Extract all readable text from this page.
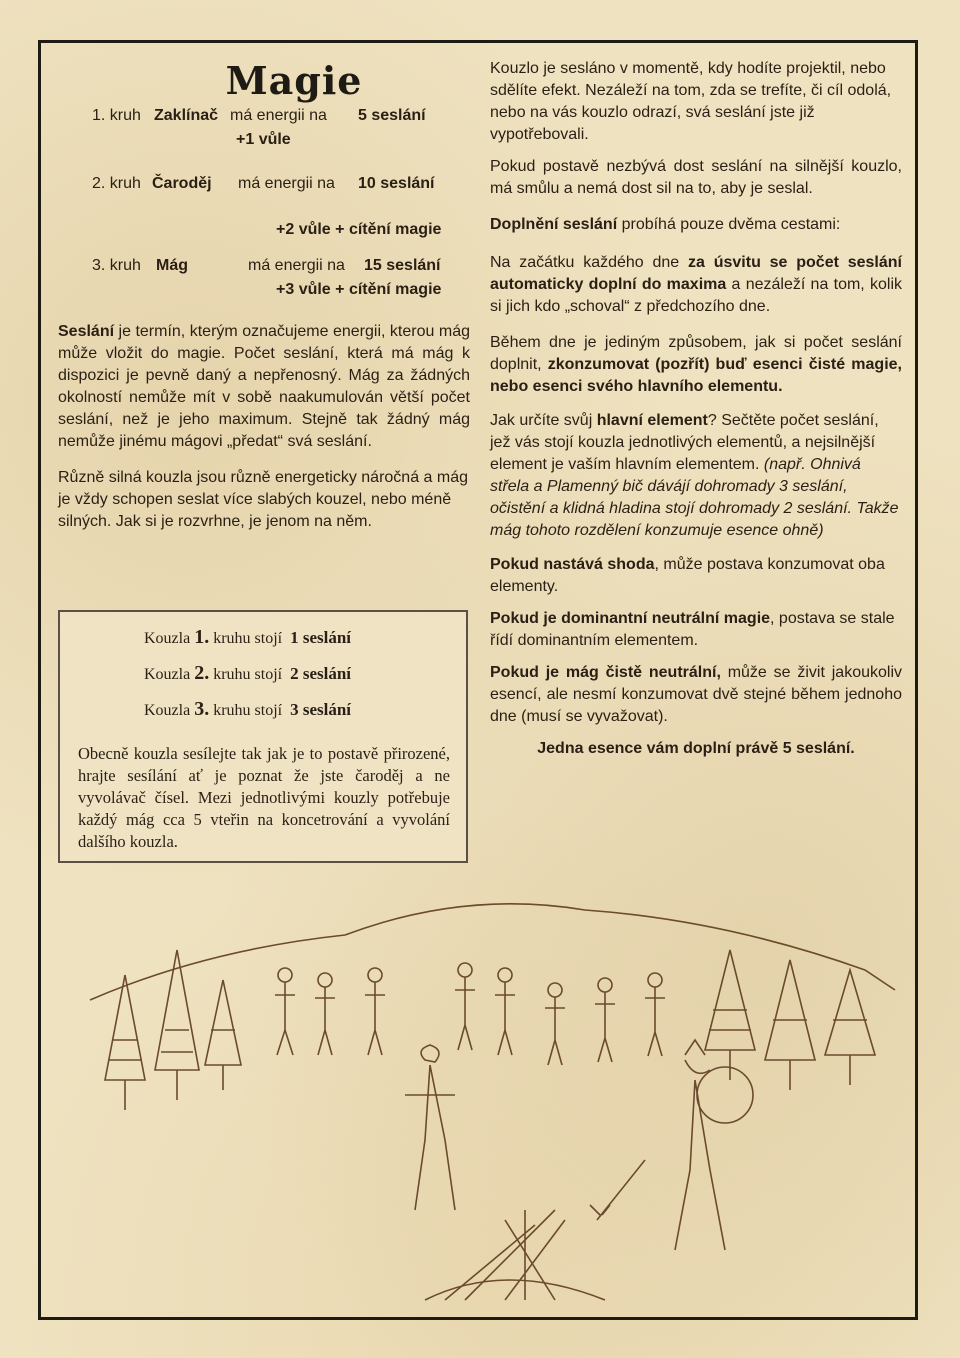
Magie
1. kruh Zaklínač má energii na 5 seslání
+1 vůle
2. kruh Čaroděj má energii na 10 seslání
+2 vůle + cítění magie
3. kruh Mág	má energii na 15 seslání
+3 vůle + cítění magie

Seslání je termín, kterým označujeme energii, kterou mág může vložit do magie. Počet seslání, která má mág k dispozici je pevně daný a nepřenosný. Mág za žádných okolností nemůže mít v sobě naakumulován větší počet seslání, než je jeho maximum. Stejně tak žádný mág nemůže jinému mágovi „předat“ svá seslání.

Různě silná kouzla jsou různě energeticky náročná a mág je vždy schopen seslat více slabých kouzel, nebo méně silných. Jak si je rozvrhne, je jenom na něm.

Kouzla 1. kruhu stojí 1 seslání
Kouzla 2. kruhu stojí 2 seslání
Kouzla 3. kruhu stojí 3 seslání
Obecně kouzla sesílejte tak jak je to postavě přirozené, hrajte sesílání ať je poznat že jste čaroděj a ne vyvolávač čísel. Mezi jednotlivými kouzly potřebuje každý mág cca 5 vteřin na koncetrování a vyvolání dalšího kouzla.

Kouzlo je sesláno v momentě, kdy hodíte projektil, nebo sdělíte efekt. Nezáleží na tom, zda se trefíte, či cíl odolá, nebo na vás kouzlo odrazí, svá seslání jste již vypotřebovali.

Pokud postavě nezbývá dost seslání na silnější kouzlo, má smůlu a nemá dost sil na to, aby je seslal.

Doplnění seslání probíhá pouze dvěma cestami:

Na začátku každého dne za úsvitu se počet seslání automaticky doplní do maxima a nezáleží na tom, kolik si jich kdo „schoval“ z předchozího dne.

Během dne je jediným způsobem, jak si počet seslání doplnit, zkonzumovat (pozřít) buď esenci čisté magie, nebo esenci svého hlavního elementu.

Jak určíte svůj hlavní element? Sečtěte počet seslání, jež vás stojí kouzla jednotlivých elementů, a nejsilnější element je vaším hlavním elementem. (např. Ohnivá střela a Plamenný bič dávájí dohromady 3 seslání, očistění a klidná hladina stojí dohromady 2 seslání. Takže mág tohoto rozdělení konzumuje esence ohně)

Pokud nastává shoda, může postava konzumovat oba elementy.

Pokud je dominantní neutrální magie, postava se stale řídí dominantním elementem.

Pokud je mág čistě neutrální, může se živit jakoukoliv esencí, ale nesmí konzumovat dvě stejné během jednoho dne (musí se vyvažovat).

Jedna esence vám doplní právě 5 seslání.
